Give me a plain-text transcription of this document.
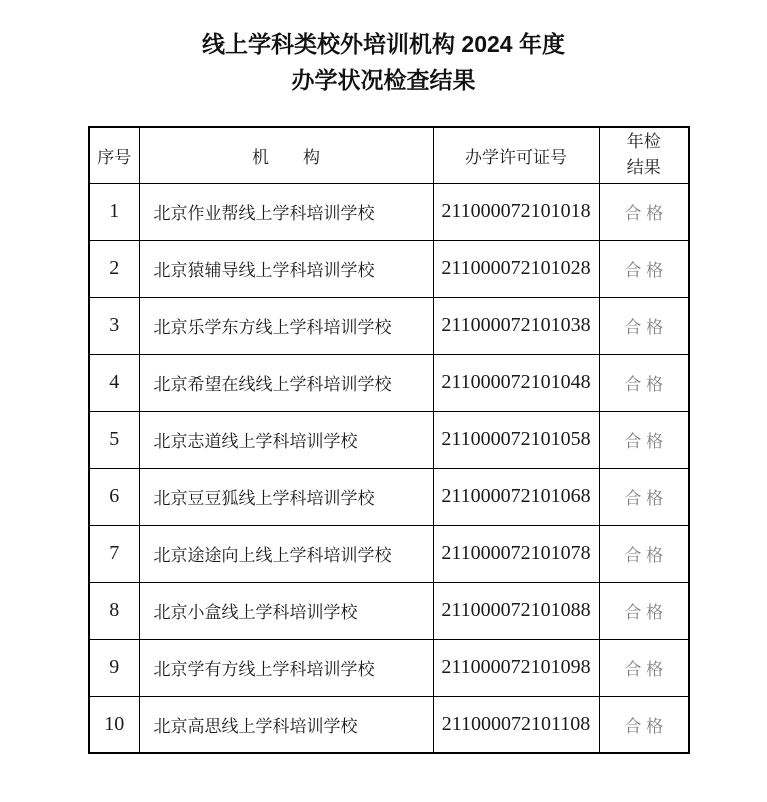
线上学科类校外培训机构 2024 年度
办学状况检查结果
序号	机　　构	办学许可证号	年检
结果

1	北京作业帮线上学科培训学校	211000072101018	合 格
2	北京猿辅导线上学科培训学校	211000072101028	合 格
3	北京乐学东方线上学科培训学校	211000072101038	合 格
4	北京希望在线线上学科培训学校	211000072101048	合 格
5	北京志道线上学科培训学校	211000072101058	合 格
6	北京豆豆狐线上学科培训学校	211000072101068	合 格
7	北京途途向上线上学科培训学校	211000072101078	合 格
8	北京小盒线上学科培训学校	211000072101088	合 格
9	北京学有方线上学科培训学校	211000072101098	合 格
10	北京高思线上学科培训学校	211000072101108	合 格
